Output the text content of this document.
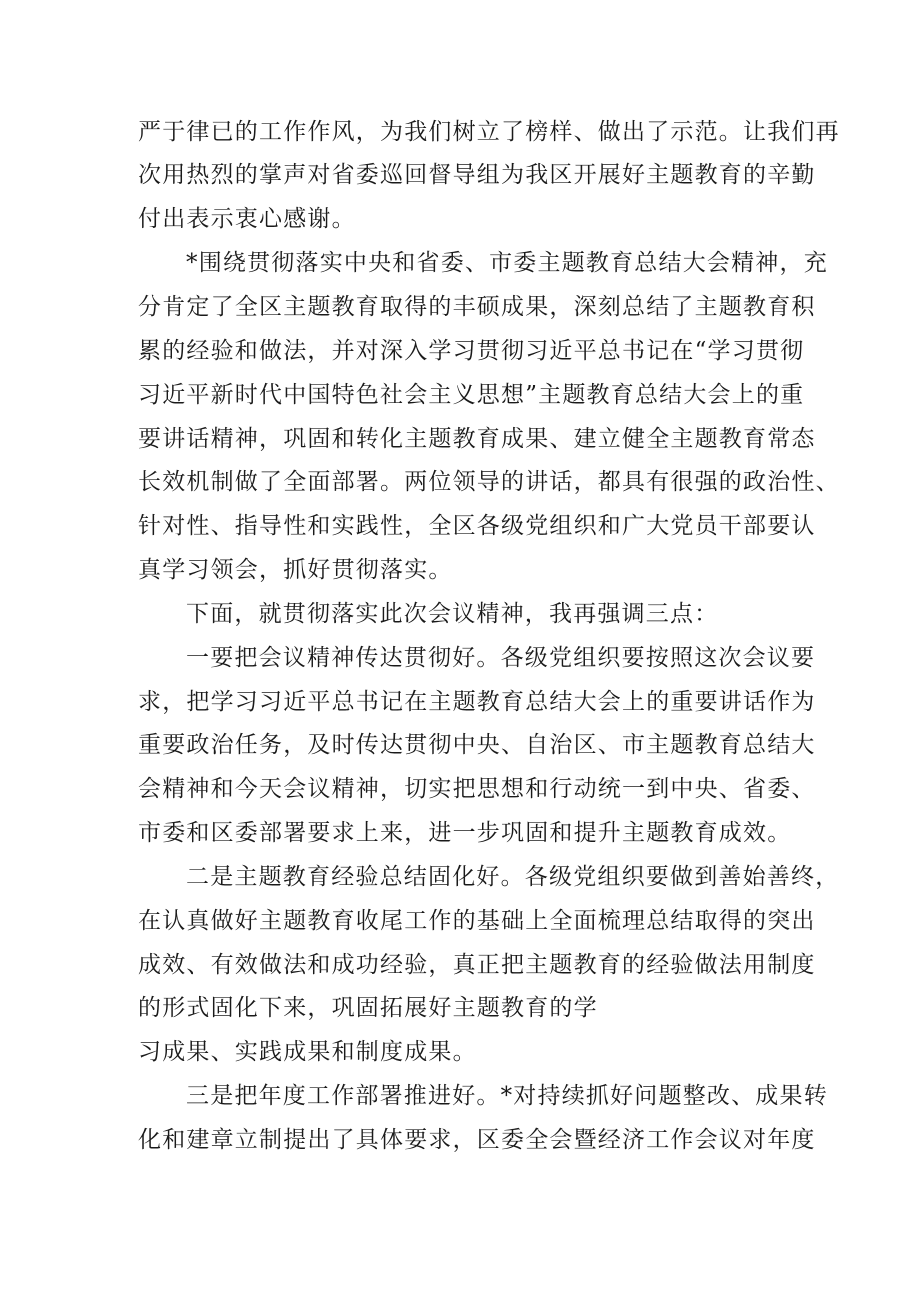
严于律已的工作作风，为我们树立了榜样、做出了示范。让我们再
次用热烈的掌声对省委巡回督导组为我区开展好主题教育的辛勤
付出表示衷心感谢。
*围绕贯彻落实中央和省委、市委主题教育总结大会精神，充
分肯定了全区主题教育取得的丰硕成果，深刻总结了主题教育积
累的经验和做法，并对深入学习贯彻习近平总书记在“学习贯彻
习近平新时代中国特色社会主义思想”主题教育总结大会上的重
要讲话精神，巩固和转化主题教育成果、建立健全主题教育常态
长效机制做了全面部署。两位领导的讲话，都具有很强的政治性、
针对性、指导性和实践性，全区各级党组织和广大党员干部要认
真学习领会，抓好贯彻落实。
下面，就贯彻落实此次会议精神，我再强调三点：
一要把会议精神传达贯彻好。各级党组织要按照这次会议要
求，把学习习近平总书记在主题教育总结大会上的重要讲话作为
重要政治任务，及时传达贯彻中央、自治区、市主题教育总结大
会精神和今天会议精神，切实把思想和行动统一到中央、省委、
市委和区委部署要求上来，进一步巩固和提升主题教育成效。
二是主题教育经验总结固化好。各级党组织要做到善始善终，
在认真做好主题教育收尾工作的基础上全面梳理总结取得的突出
成效、有效做法和成功经验，真正把主题教育的经验做法用制度
的形式固化下来，巩固拓展好主题教育的学
习成果、实践成果和制度成果。
三是把年度工作部署推进好。*对持续抓好问题整改、成果转
化和建章立制提出了具体要求，区委全会暨经济工作会议对年度
